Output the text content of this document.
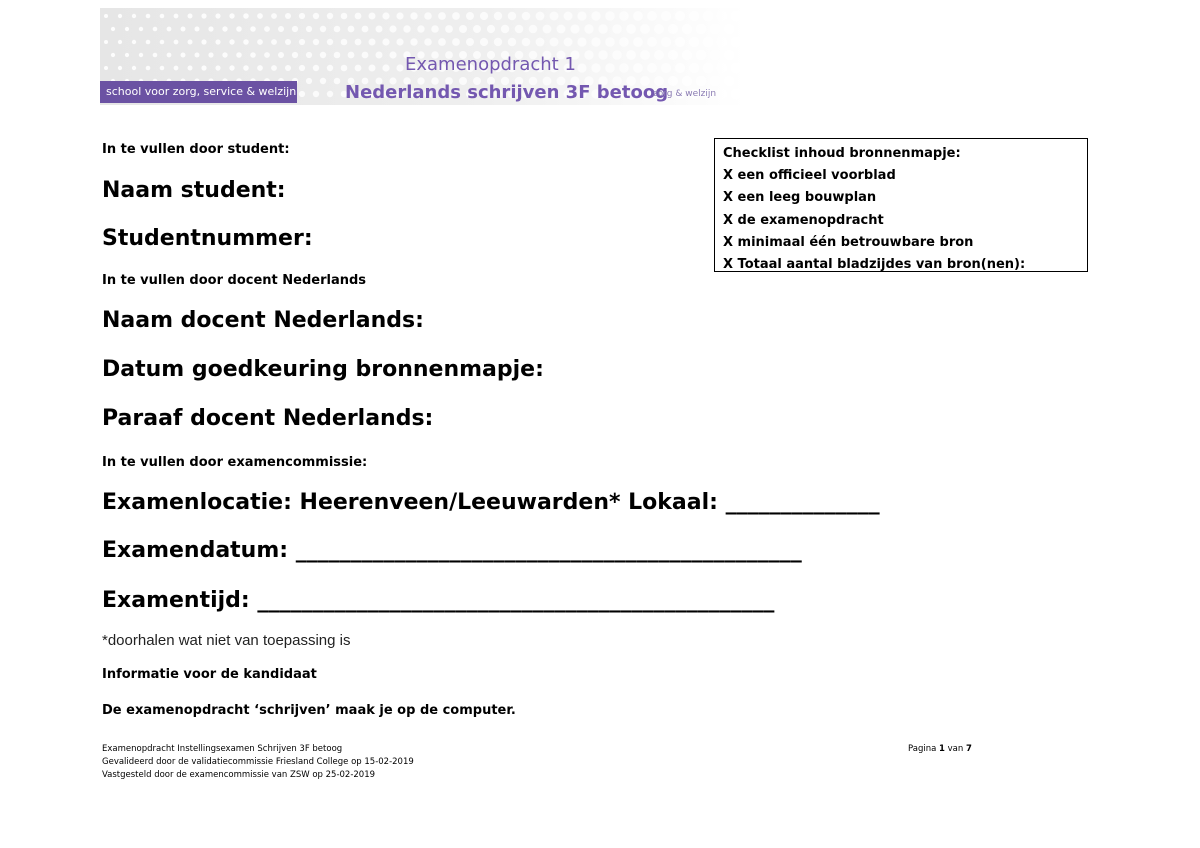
school voor zorg, service & welzijn
Examenopdracht 1
Nederlands schrijven 3F betoog
zorg & welzijn
In te vullen door student:
Naam student:
Studentnummer:
Checklist inhoud bronnenmapje:
X een officieel voorblad
X een leeg bouwplan
X de examenopdracht
X minimaal één betrouwbare bron
X Totaal aantal bladzijdes van bron(nen):
In te vullen door docent Nederlands
Naam docent Nederlands:
Datum goedkeuring bronnenmapje:
Paraaf docent Nederlands:
In te vullen door examencommissie:
Examenlocatie: Heerenveen/Leeuwarden* Lokaal: ______________
Examendatum: ______________________________________________
Examentijd: _______________________________________________
*doorhalen wat niet van toepassing is
Informatie voor de kandidaat
De examenopdracht ‘schrijven’ maak je op de computer.
Examenopdracht Instellingsexamen Schrijven 3F betoog
Gevalideerd door de validatiecommissie Friesland College op 15-02-2019
Vastgesteld door de examencommissie van ZSW op 25-02-2019
Pagina 1 van 7
